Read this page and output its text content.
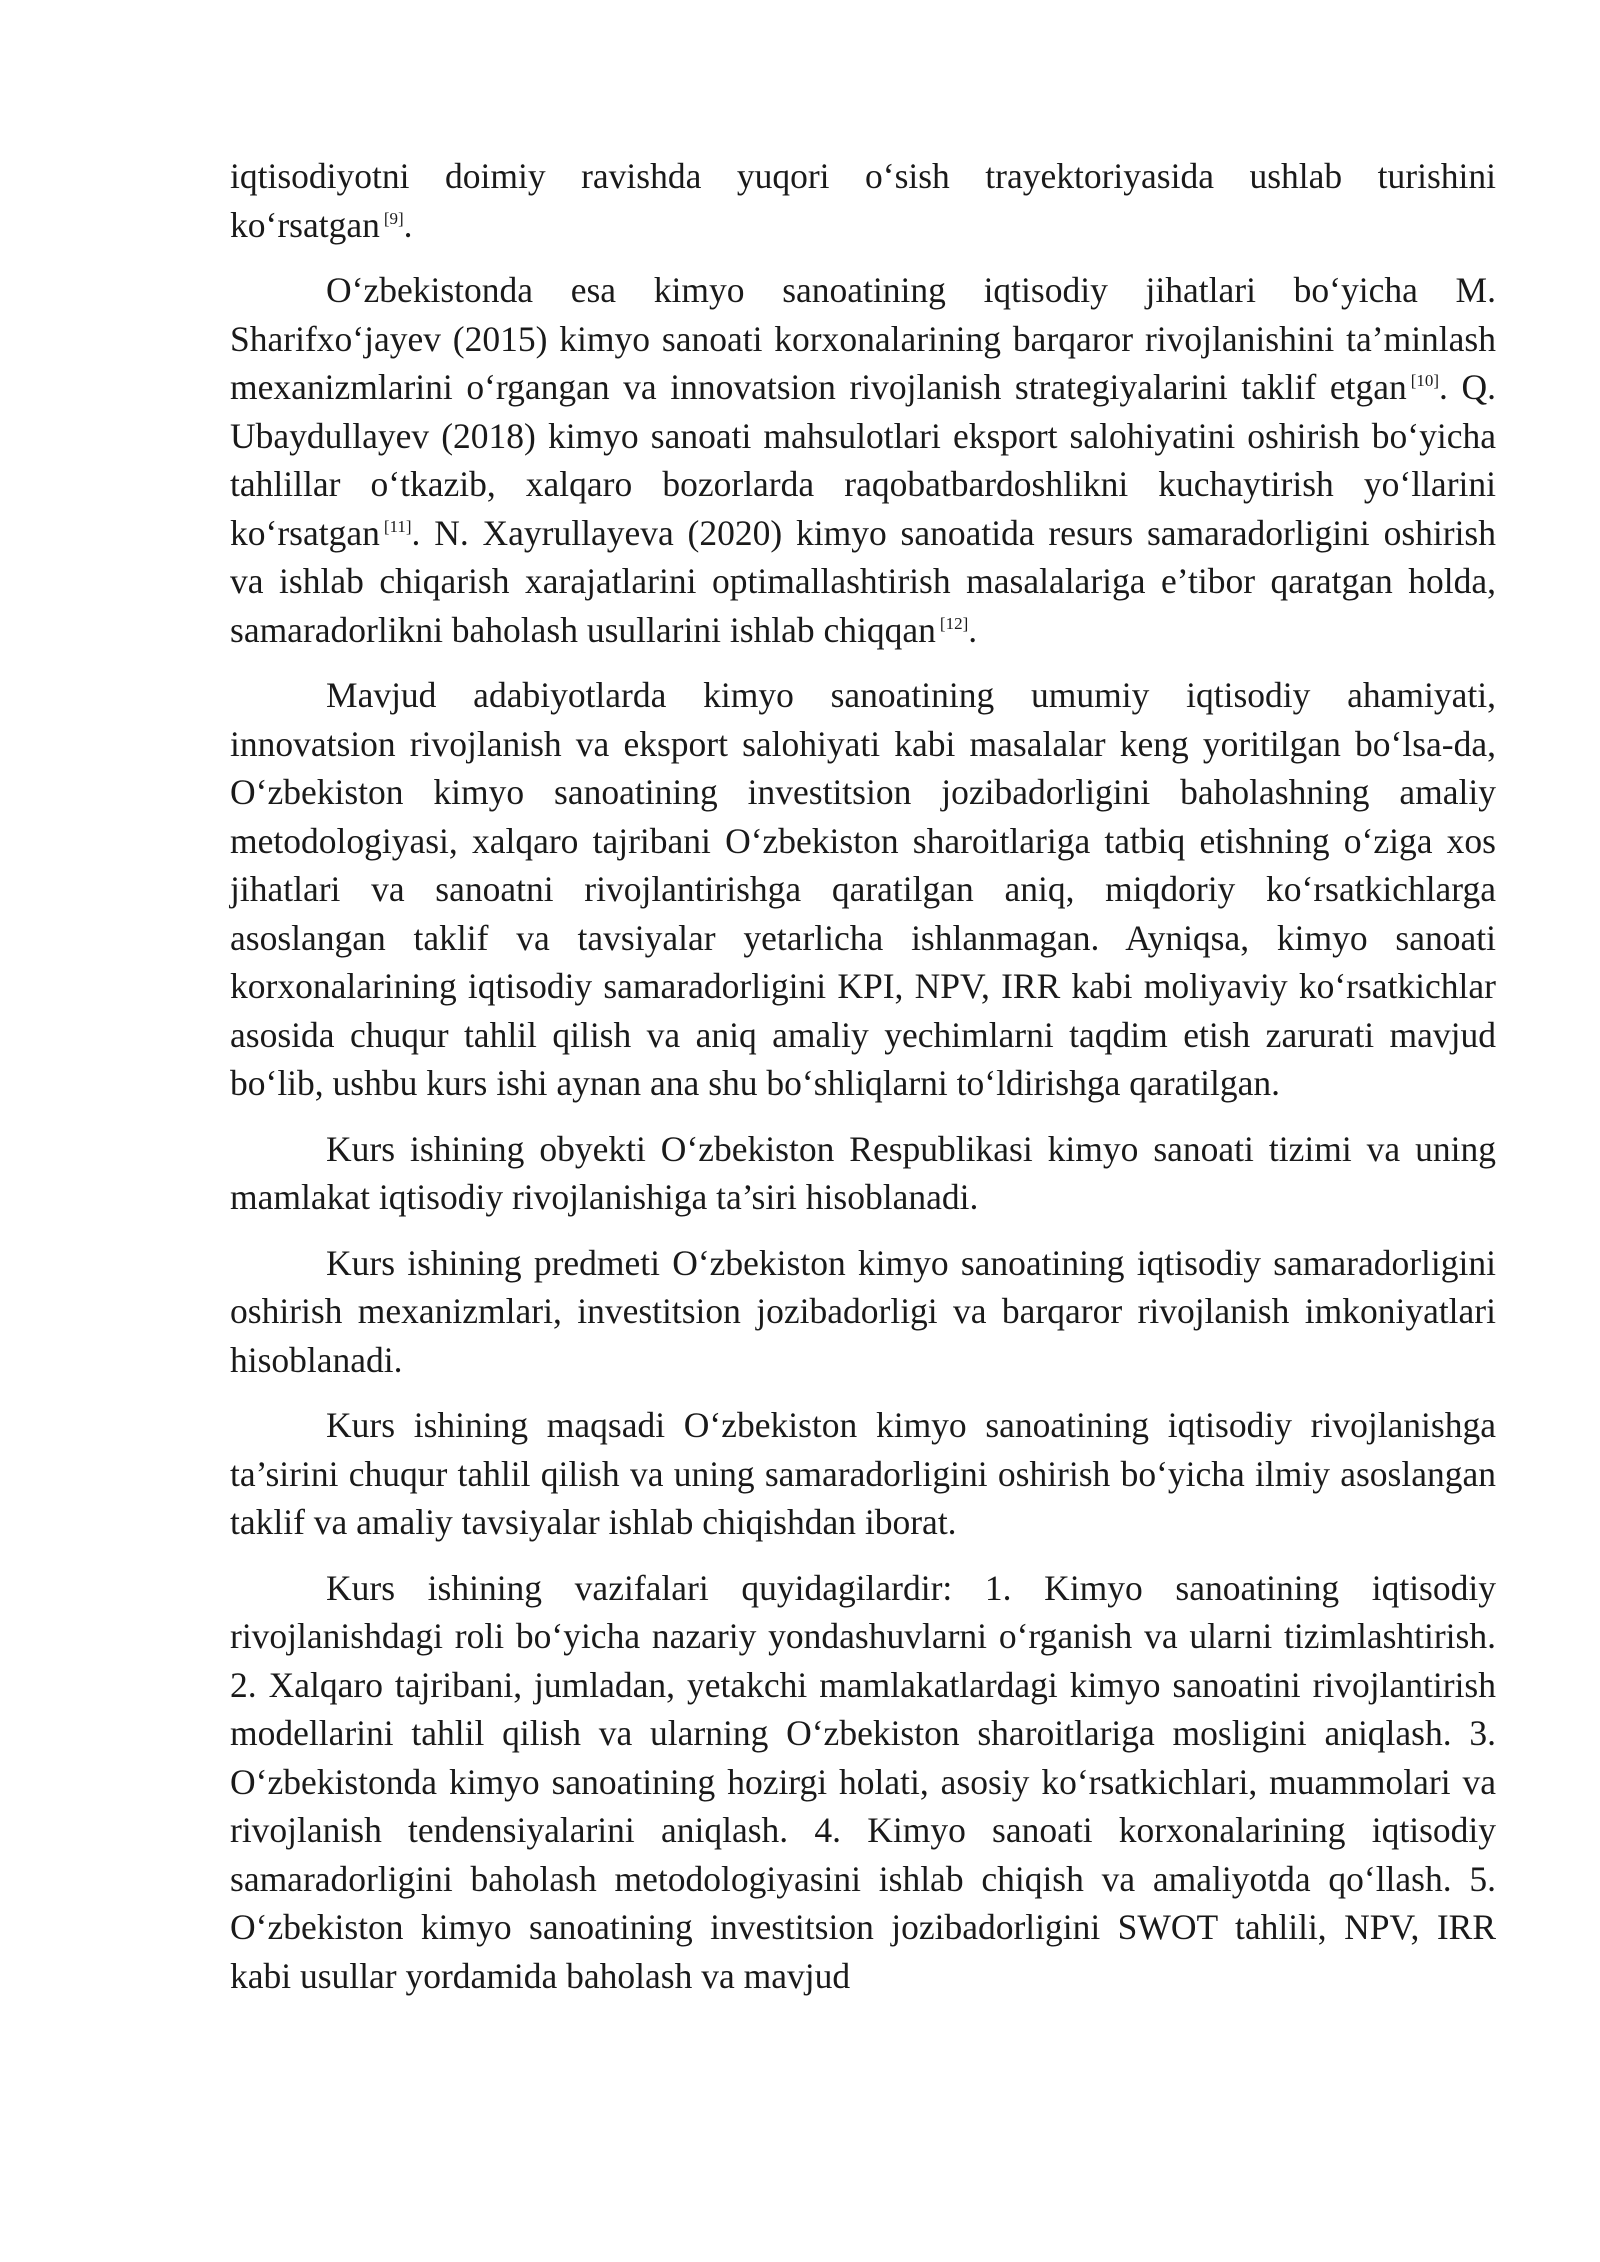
iqtisodiyotni doimiy ravishda yuqori o‘sish trayektoriyasida ushlab turishini ko‘rsatgan [9].

O‘zbekistonda esa kimyo sanoatining iqtisodiy jihatlari bo‘yicha M. Sharifxo‘jayev (2015) kimyo sanoati korxonalarining barqaror rivojlanishini ta’minlash mexanizmlarini o‘rgangan va innovatsion rivojlanish strategiyalarini taklif etgan [10]. Q. Ubaydullayev (2018) kimyo sanoati mahsulotlari eksport salohiyatini oshirish bo‘yicha tahlillar o‘tkazib, xalqaro bozorlarda raqobatbardoshlikni kuchaytirish yo‘llarini ko‘rsatgan [11]. N. Xayrullayeva (2020) kimyo sanoatida resurs samaradorligini oshirish va ishlab chiqarish xarajatlarini optimallashtirish masalalariga e’tibor qaratgan holda, samaradorlikni baholash usullarini ishlab chiqqan [12].

Mavjud adabiyotlarda kimyo sanoatining umumiy iqtisodiy ahamiyati, innovatsion rivojlanish va eksport salohiyati kabi masalalar keng yoritilgan bo‘lsa-da, O‘zbekiston kimyo sanoatining investitsion jozibadorligini baholashning amaliy metodologiyasi, xalqaro tajribani O‘zbekiston sharoitlariga tatbiq etishning o‘ziga xos jihatlari va sanoatni rivojlantirishga qaratilgan aniq, miqdoriy ko‘rsatkichlarga asoslangan taklif va tavsiyalar yetarlicha ishlanmagan. Ayniqsa, kimyo sanoati korxonalarining iqtisodiy samaradorligini KPI, NPV, IRR kabi moliyaviy ko‘rsatkichlar asosida chuqur tahlil qilish va aniq amaliy yechimlarni taqdim etish zarurati mavjud bo‘lib, ushbu kurs ishi aynan ana shu bo‘shliqlarni to‘ldirishga qaratilgan.

Kurs ishining obyekti O‘zbekiston Respublikasi kimyo sanoati tizimi va uning mamlakat iqtisodiy rivojlanishiga ta’siri hisoblanadi.

Kurs ishining predmeti O‘zbekiston kimyo sanoatining iqtisodiy samaradorligini oshirish mexanizmlari, investitsion jozibadorligi va barqaror rivojlanish imkoniyatlari hisoblanadi.

Kurs ishining maqsadi O‘zbekiston kimyo sanoatining iqtisodiy rivojlanishga ta’sirini chuqur tahlil qilish va uning samaradorligini oshirish bo‘yicha ilmiy asoslangan taklif va amaliy tavsiyalar ishlab chiqishdan iborat.

Kurs ishining vazifalari quyidagilardir: 1. Kimyo sanoatining iqtisodiy rivojlanishdagi roli bo‘yicha nazariy yondashuvlarni o‘rganish va ularni tizimlashtirish. 2. Xalqaro tajribani, jumladan, yetakchi mamlakatlardagi kimyo sanoatini rivojlantirish modellarini tahlil qilish va ularning O‘zbekiston sharoitlariga mosligini aniqlash. 3. O‘zbekistonda kimyo sanoatining hozirgi holati, asosiy ko‘rsatkichlari, muammolari va rivojlanish tendensiyalarini aniqlash. 4. Kimyo sanoati korxonalarining iqtisodiy samaradorligini baholash metodologiyasini ishlab chiqish va amaliyotda qo‘llash. 5. O‘zbekiston kimyo sanoatining investitsion jozibadorligini SWOT tahlili, NPV, IRR kabi usullar yordamida baholash va mavjud
